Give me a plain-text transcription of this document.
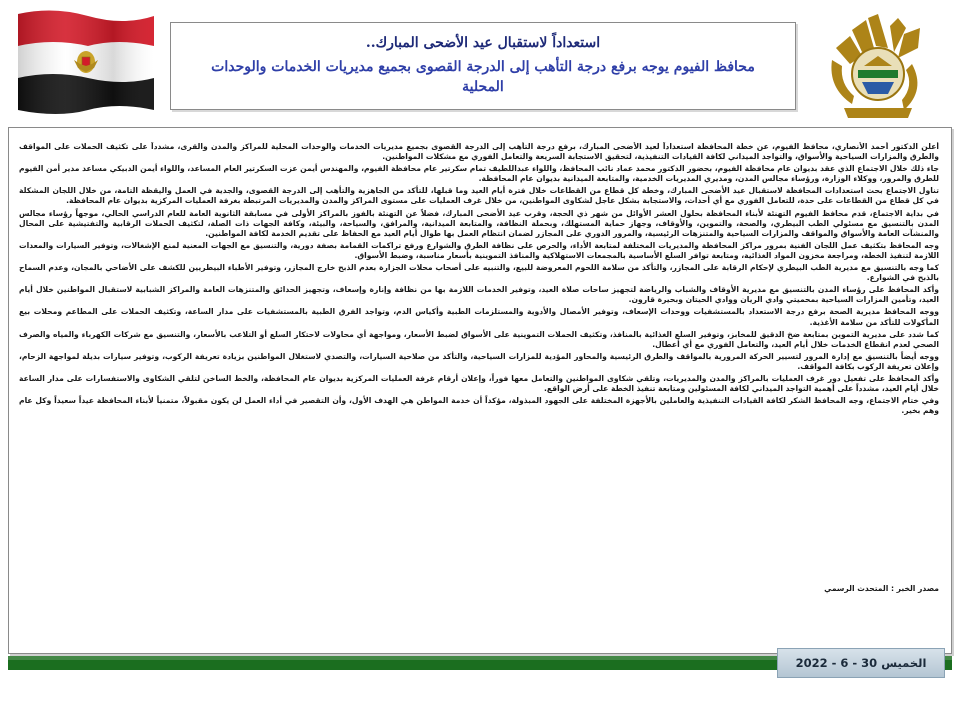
استعداداً لاستقبال عيد الأضحى المبارك..

محافظ الفيوم يوجه برفع درجة التأهب إلى الدرجة القصوى بجميع مديريات الخدمات والوحدات المحلية

أعلن الدكتور أحمد الأنصاري، محافظ الفيوم، عن خطة المحافظة استعداداً لعيد الأضحى المبارك، برفع درجة التأهب إلى الدرجة القصوى بجميع مديريات الخدمات والوحدات المحلية للمراكز والمدن والقرى، مشدداً على تكثيف الحملات على المواقف والطرق والمزارات السياحية والأسواق، والتواجد الميداني لكافة القيادات التنفيذية، لتحقيق الاستجابة السريعة والتعامل الفوري مع مشكلات المواطنين.

جاء ذلك خلال الاجتماع الذي عقد بديوان عام محافظة الفيوم، بحضور الدكتور محمد عماد نائب المحافظ، واللواء عبداللطيف تمام سكرتير عام محافظة الفيوم، والمهندس أيمن عزت السكرتير العام المساعد، واللواء أيمن الدبيكي مساعد مدير أمن الفيوم للطرق والمرور، ووكلاء الوزارة، ورؤساء مجالس المدن، ومديري المديريات الخدمية، والمتابعة الميدانية بديوان عام المحافظة.

تناول الاجتماع بحث استعدادات المحافظة لاستقبال عيد الأضحى المبارك، وخطة كل قطاع من القطاعات خلال فترة أيام العيد وما قبلها، للتأكد من الجاهزية والتأهب إلى الدرجة القصوى، والجدية في العمل واليقظة التامة، من خلال اللجان المشكلة في كل قطاع من القطاعات على حدة، للتعامل الفوري مع أي أحداث، والاستجابة بشكل عاجل لشكاوى المواطنين، من خلال غرف العمليات على مستوى المراكز والمدن والمديريات المرتبطة بغرفة العمليات المركزية بديوان عام المحافظة.

في بداية الاجتماع، قدم محافظ الفيوم التهنئة لأبناء المحافظة بحلول العشر الأوائل من شهر ذي الحجة، وقرب عيد الأضحى المبارك، فضلاً عن التهنئة بالفوز بالمراكز الأولى في مسابقة الثانوية العامة للعام الدراسي الحالي، موجهاً رؤساء مجالس المدن بالتنسيق مع مسئولي الطب البيطري، والصحة، والتموين، والأوقاف، وجهاز حماية المستهلك، وبحملة النظافة، والمتابعة الميدانية، والمرافق، والسياحة، والبيئة، وكافة الجهات ذات الصلة، لتكثيف الحملات الرقابية والتفتيشية على المحال والمنشآت العامة والأسواق والمواقف والمزارات السياحية والمتنزهات الرئيسية، والمرور الدوري على المجازر لضمان انتظام العمل بها طوال أيام العيد مع الحفاظ على تقديم الخدمة لكافة المواطنين.

وجه المحافظ بتكثيف عمل اللجان الفنية بمرور مراكز المحافظة والمديريات المختلفة لمتابعة الأداء، والحرص على نظافة الطرق والشوارع ورفع تراكمات القمامة بصفة دورية، والتنسيق مع الجهات المعنية لمنع الإشغالات، وتوفير السيارات والمعدات اللازمة لتنفيذ الخطة، ومراجعة مخزون المواد الغذائية، ومتابعة توافر السلع الأساسية بالمجمعات الاستهلاكية والمنافذ التموينية بأسعار مناسبة، وضبط الأسواق.

كما وجه بالتنسيق مع مديرية الطب البيطري لإحكام الرقابة على المجازر، والتأكد من سلامة اللحوم المعروضة للبيع، والتنبيه على أصحاب محلات الجزارة بعدم الذبح خارج المجازر، وتوفير الأطباء البيطريين للكشف على الأضاحي بالمجان، وعدم السماح بالذبح في الشوارع.

وأكد المحافظ على رؤساء المدن بالتنسيق مع مديرية الأوقاف والشباب والرياضة لتجهيز ساحات صلاة العيد، وتوفير الخدمات اللازمة بها من نظافة وإنارة وإسعاف، وتجهيز الحدائق والمتنزهات العامة والمراكز الشبابية لاستقبال المواطنين خلال أيام العيد، وتأمين المزارات السياحية بمحميتي وادي الريان ووادي الحيتان وبحيرة قارون.

ووجه المحافظ مديرية الصحة برفع درجة الاستعداد بالمستشفيات ووحدات الإسعاف، وتوفير الأمصال والأدوية والمستلزمات الطبية وأكياس الدم، وتواجد الفرق الطبية بالمستشفيات على مدار الساعة، وتكثيف الحملات على المطاعم ومحلات بيع المأكولات للتأكد من سلامة الأغذية.

كما شدد على مديرية التموين بمتابعة ضخ الدقيق للمخابز، وتوفير السلع الغذائية بالمنافذ، وتكثيف الحملات التموينية على الأسواق لضبط الأسعار، ومواجهة أي محاولات لاحتكار السلع أو التلاعب بالأسعار، والتنسيق مع شركات الكهرباء والمياه والصرف الصحي لعدم انقطاع الخدمات خلال أيام العيد، والتعامل الفوري مع أي أعطال.

ووجه أيضاً بالتنسيق مع إدارة المرور لتسيير الحركة المرورية بالمواقف والطرق الرئيسية والمحاور المؤدية للمزارات السياحية، والتأكد من صلاحية السيارات، والتصدي لاستغلال المواطنين بزيادة تعريفة الركوب، وتوفير سيارات بديلة لمواجهة الزحام، وإعلان تعريفة الركوب بكافة المواقف.

وأكد المحافظ على تفعيل دور غرف العمليات بالمراكز والمدن والمديريات، وتلقي شكاوى المواطنين والتعامل معها فوراً، وإعلان أرقام غرفة العمليات المركزية بديوان عام المحافظة، والخط الساخن لتلقي الشكاوى والاستفسارات على مدار الساعة خلال أيام العيد، مشدداً على أهمية التواجد الميداني لكافة المسئولين ومتابعة تنفيذ الخطة على أرض الواقع.

وفي ختام الاجتماع، وجه المحافظ الشكر لكافة القيادات التنفيذية والعاملين بالأجهزة المختلفة على الجهود المبذولة، مؤكداً أن خدمة المواطن هي الهدف الأول، وأن التقصير في أداء العمل لن يكون مقبولاً، متمنياً لأبناء المحافظة عيداً سعيداً وكل عام وهم بخير.

مصدر الخبر : المتحدث الرسمي
الخميس 30 - 6 - 2022
